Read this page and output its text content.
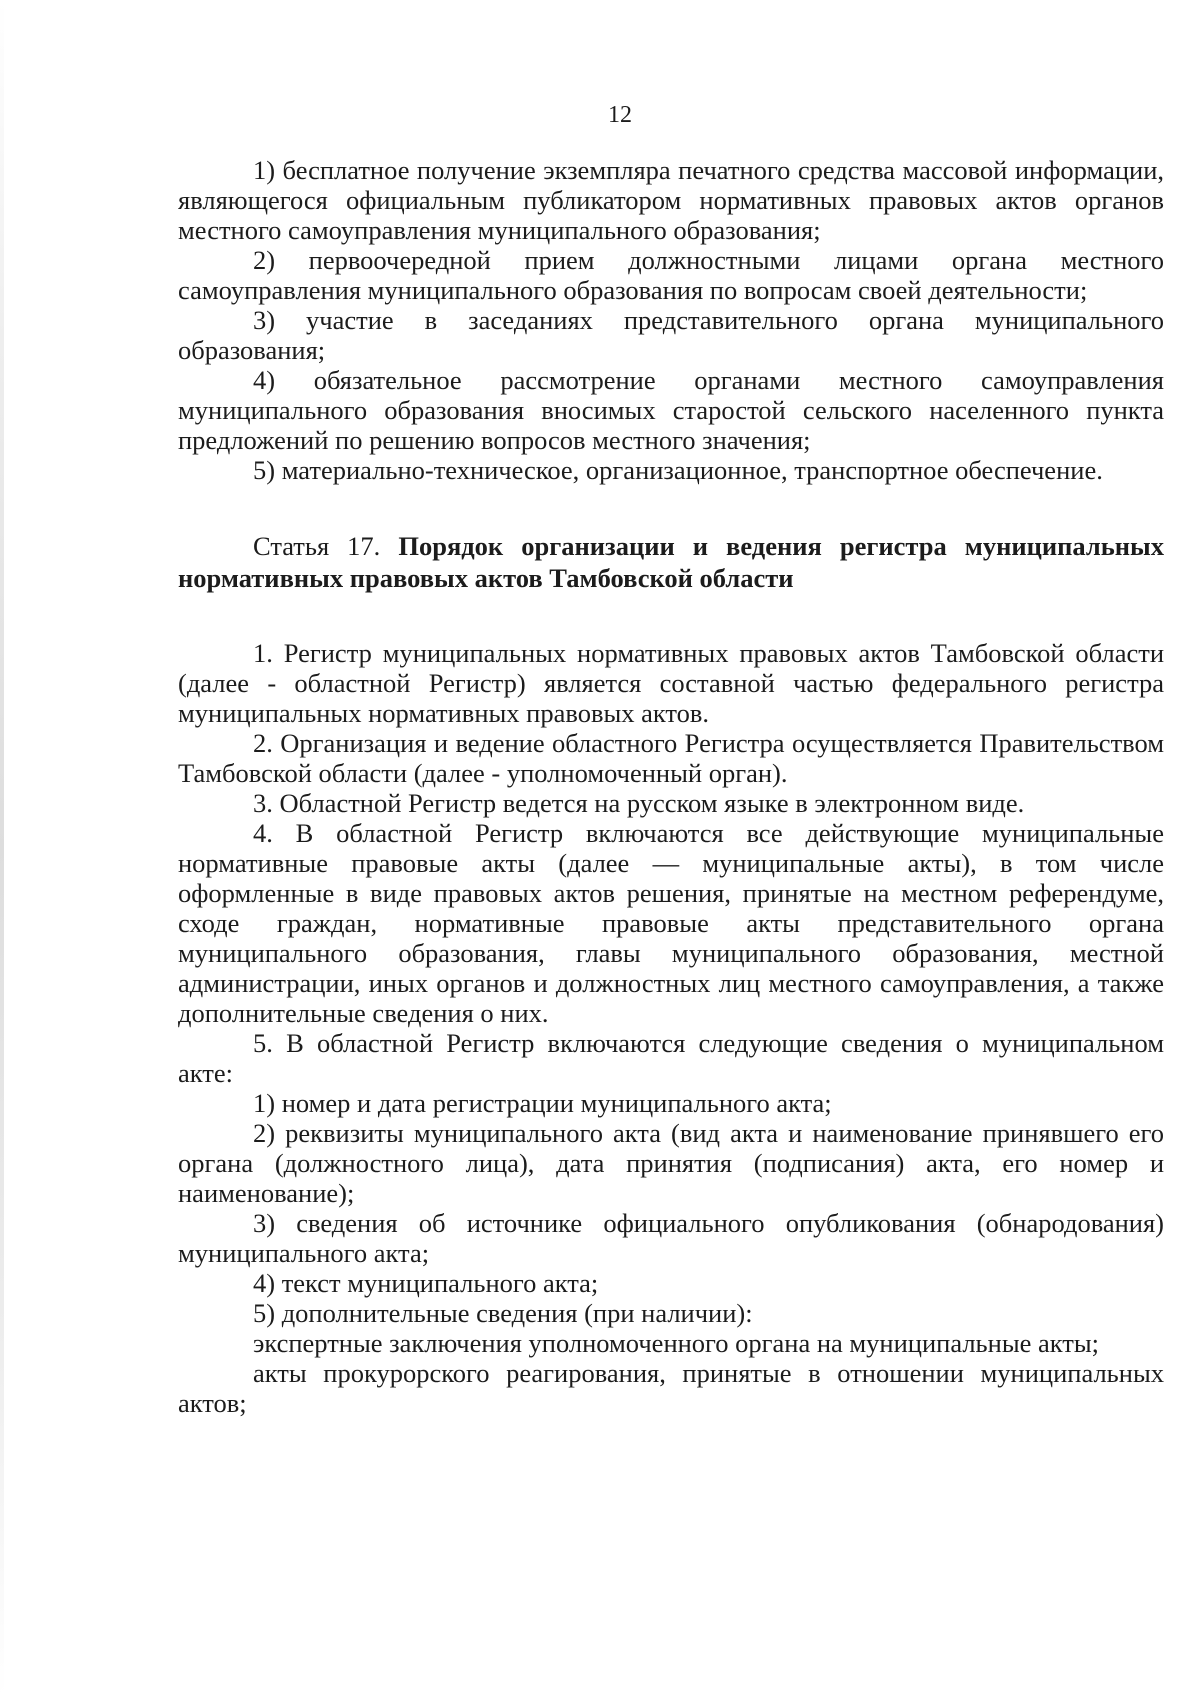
12

1) бесплатное получение экземпляра печатного средства массовой информации, являющегося официальным публикатором нормативных правовых актов органов местного самоуправления муниципального образования;

2) первоочередной прием должностными лицами органа местного самоуправления муниципального образования по вопросам своей деятельности;

3) участие в заседаниях представительного органа муниципального образования;

4) обязательное рассмотрение органами местного самоуправления муниципального образования вносимых старостой сельского населенного пункта предложений по решению вопросов местного значения;

5) материально-техническое, организационное, транспортное обеспечение.

Статья 17. Порядок организации и ведения регистра муниципальных нормативных правовых актов Тамбовской области

1. Регистр муниципальных нормативных правовых актов Тамбовской области (далее - областной Регистр) является составной частью федерального регистра муниципальных нормативных правовых актов.

2. Организация и ведение областного Регистра осуществляется Правительством Тамбовской области (далее - уполномоченный орган).

3. Областной Регистр ведется на русском языке в электронном виде.

4. В областной Регистр включаются все действующие муниципальные нормативные правовые акты (далее — муниципальные акты), в том числе оформленные в виде правовых актов решения, принятые на местном референдуме, сходе граждан, нормативные правовые акты представительного органа муниципального образования, главы муниципального образования, местной администрации, иных органов и должностных лиц местного самоуправления, а также дополнительные сведения о них.

5. В областной Регистр включаются следующие сведения о муниципальном акте:

1) номер и дата регистрации муниципального акта;

2) реквизиты муниципального акта (вид акта и наименование принявшего его органа (должностного лица), дата принятия (подписания) акта, его номер и наименование);

3) сведения об источнике официального опубликования (обнародования) муниципального акта;

4) текст муниципального акта;

5) дополнительные сведения (при наличии):

экспертные заключения уполномоченного органа на муниципальные акты;

акты прокурорского реагирования, принятые в отношении муниципальных актов;
